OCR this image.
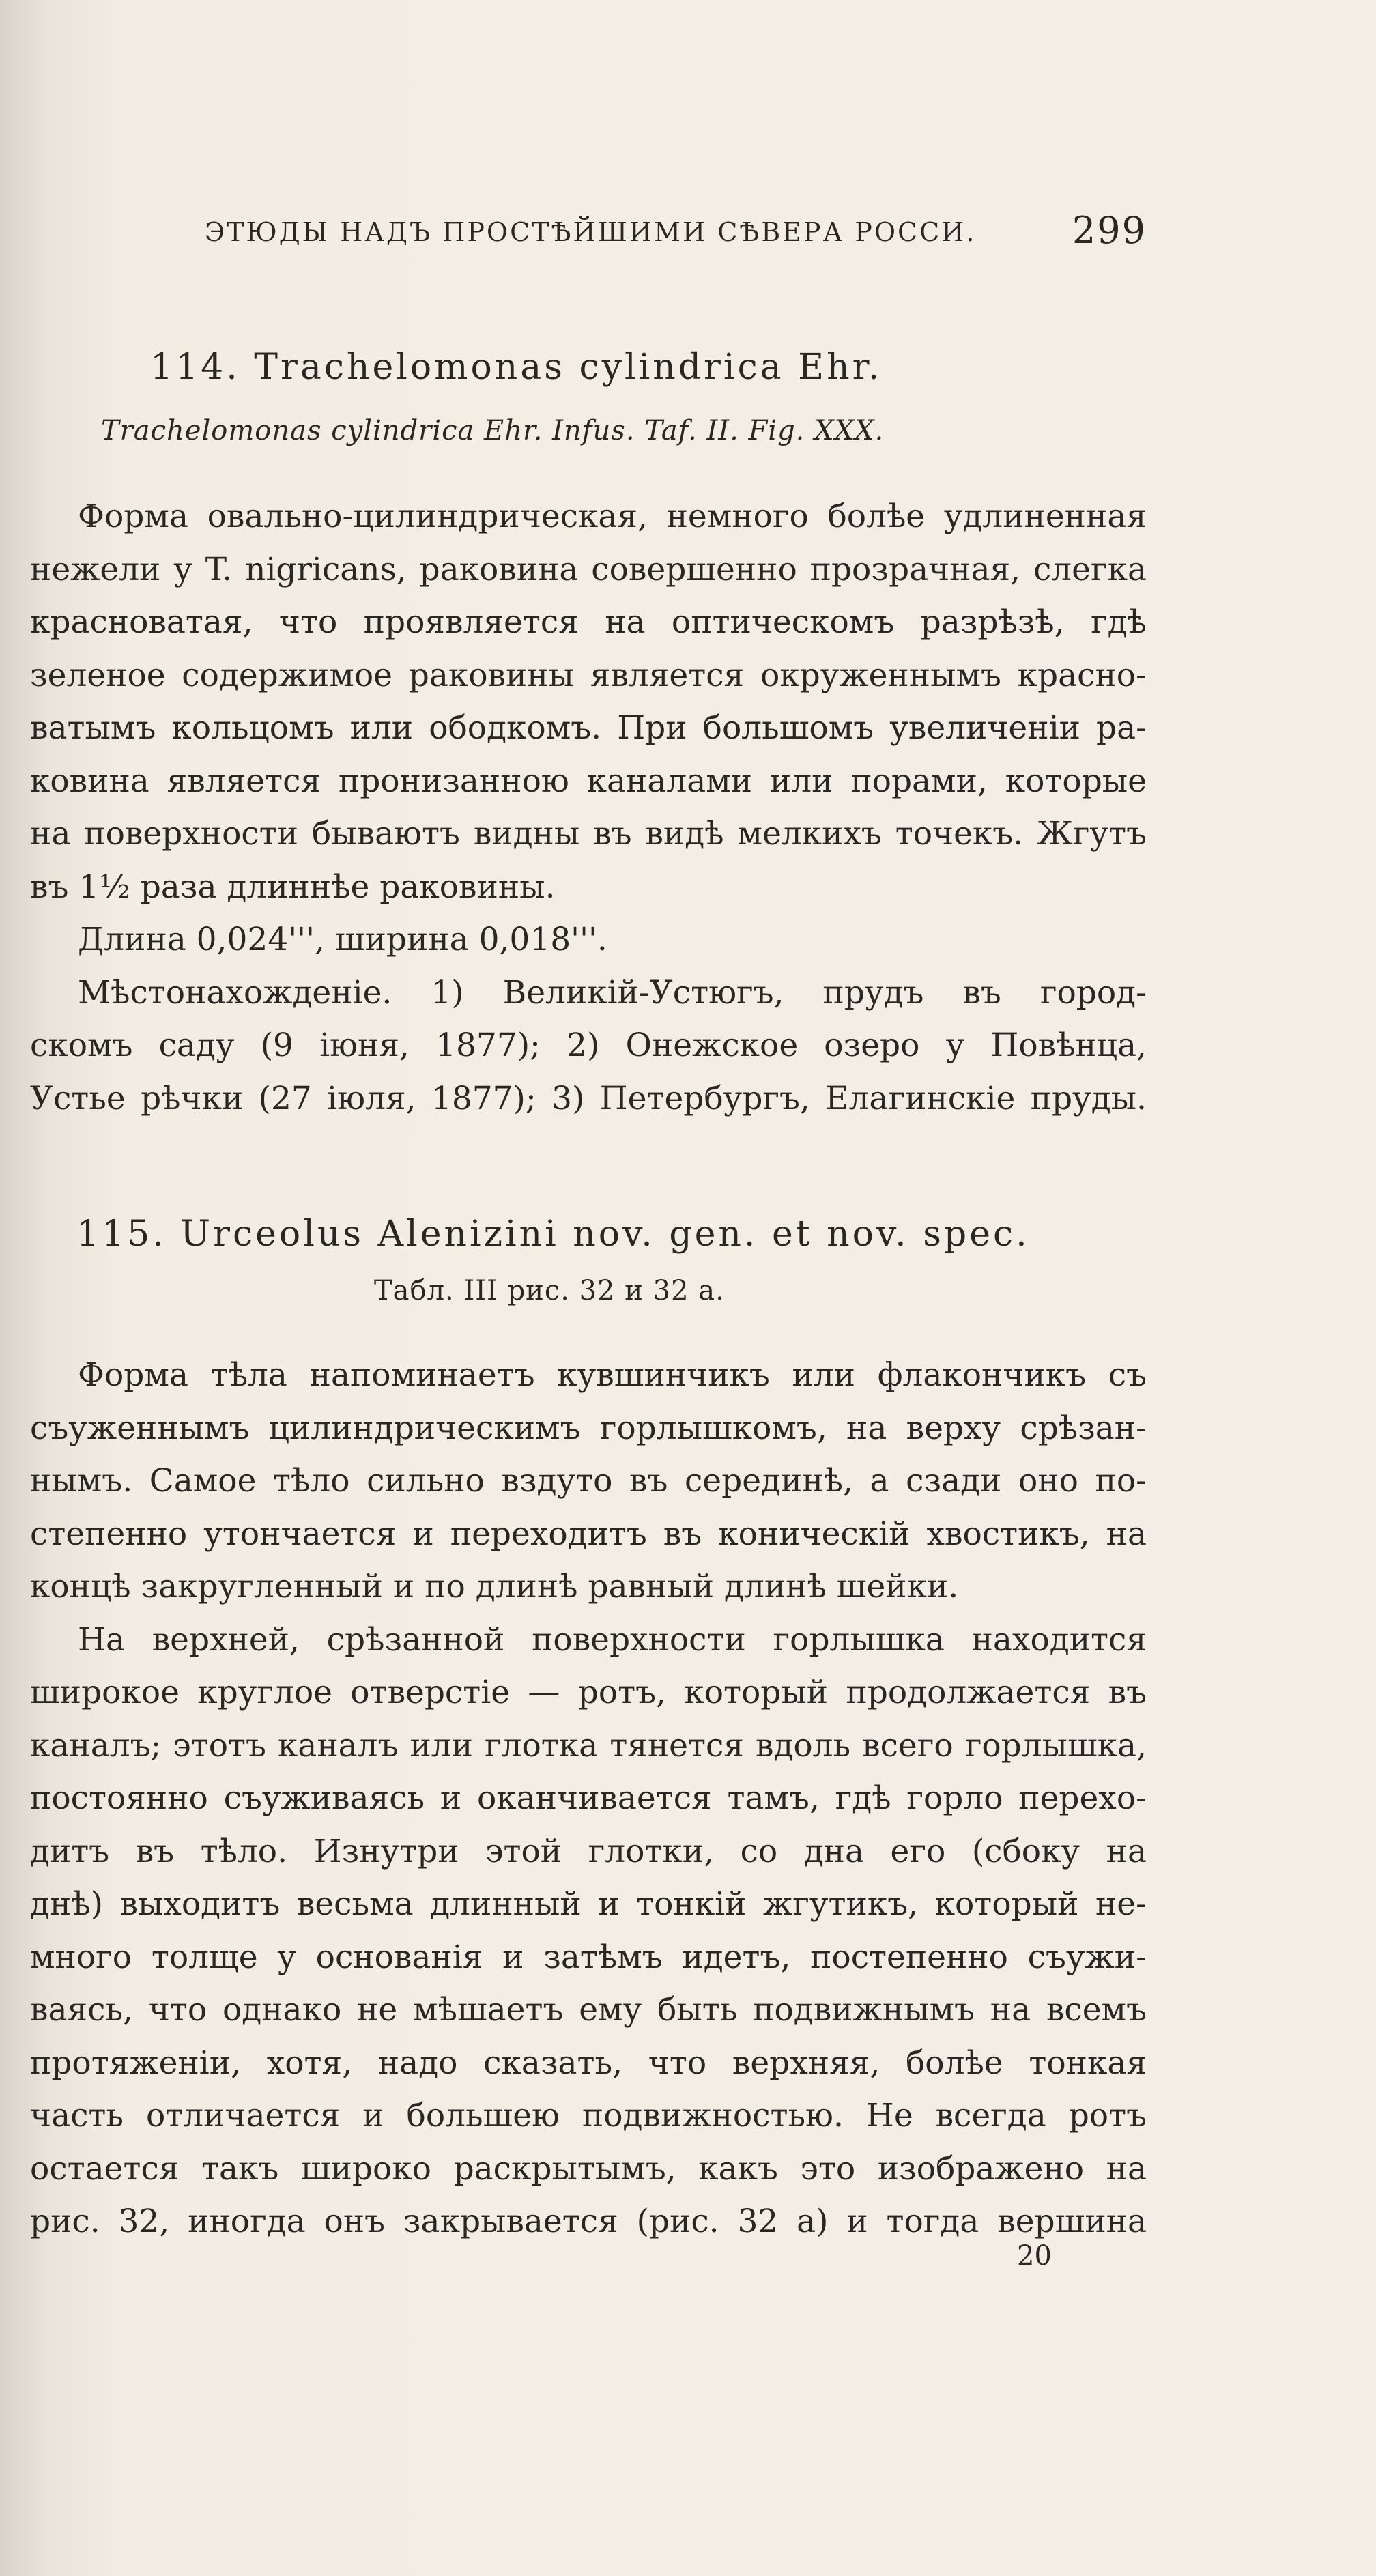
ЭТЮДЫ НАДЪ ПРОСТѢЙШИМИ СѢВЕРА РОССИ.	299
114. Trachelomonas cylindrica Ehr.
Trachelomonas cylindrica Ehr. Infus. Taf. II. Fig. XXX.
Форма овально-цилиндрическая, немного болѣе удлиненная
нежели у T. nigricans, раковина совершенно прозрачная, слегка
красноватая, что проявляется на оптическомъ разрѣзѣ, гдѣ
зеленое содержимое раковины является окруженнымъ красно-
ватымъ кольцомъ или ободкомъ. При большомъ увеличенiи ра-
ковина является пронизанною каналами или порами, которые
на поверхности бываютъ видны въ видѣ мелкихъ точекъ. Жгутъ
въ 1½ раза длиннѣе раковины.
Длина 0,024''', ширина 0,018'''.
Мѣстонахожденiе. 1) Великiй-Устюгъ, прудъ въ город-
скомъ саду (9 iюня, 1877); 2) Онежское озеро у Повѣнца,
Устье рѣчки (27 iюля, 1877); 3) Петербургъ, Елагинскiе пруды.
115. Urceolus Alenizini nov. gen. et nov. spec.
Табл. III рис. 32 и 32 а.
Форма тѣла напоминаетъ кувшинчикъ или флакончикъ съ
съуженнымъ цилиндрическимъ горлышкомъ, на верху срѣзан-
нымъ. Самое тѣло сильно вздуто въ серединѣ, а сзади оно по-
степенно утончается и переходитъ въ коническiй хвостикъ, на
концѣ закругленный и по длинѣ равный длинѣ шейки.
На верхней, срѣзанной поверхности горлышка находится
широкое круглое отверстiе — ротъ, который продолжается въ
каналъ; этотъ каналъ или глотка тянется вдоль всего горлышка,
постоянно съуживаясь и оканчивается тамъ, гдѣ горло перехо-
дитъ въ тѣло. Изнутри этой глотки, со дна его (сбоку на
днѣ) выходитъ весьма длинный и тонкiй жгутикъ, который не-
много толще у основанiя и затѣмъ идетъ, постепенно съужи-
ваясь, что однако не мѣшаетъ ему быть подвижнымъ на всемъ
протяженiи, хотя, надо сказать, что верхняя, болѣе тонкая
часть отличается и большею подвижностью. Не всегда ротъ
остается такъ широко раскрытымъ, какъ это изображено на
рис. 32, иногда онъ закрывается (рис. 32 а) и тогда вершина
20
